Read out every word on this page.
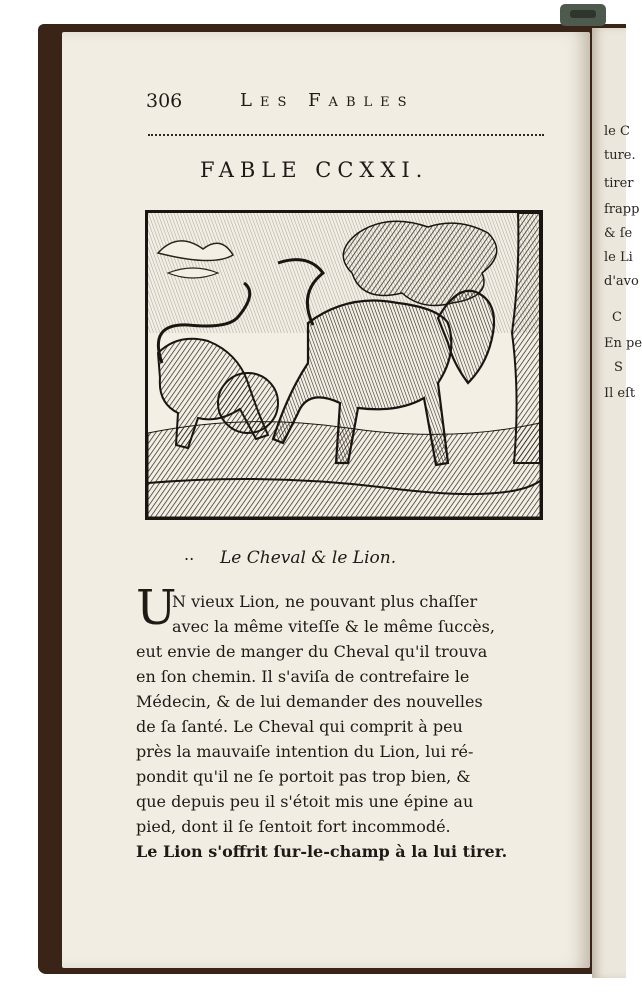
le C
ture.
tirer
frapp
& ſe
le Li
d'avo
C
En pe
S
Il eſt
306	Les Fables
FABLE CCXXI.
.. Le Cheval & le Lion.
U
N vieux Lion, ne pouvant plus chaſſer
avec la même viteſſe & le même ſuccès,
eut envie de manger du Cheval qu'il trouva
en ſon chemin. Il s'aviſa de contrefaire le
Médecin, & de lui demander des nouvelles
de ſa ſanté. Le Cheval qui comprit à peu
près la mauvaiſe intention du Lion, lui ré-
pondit qu'il ne ſe portoit pas trop bien, &
que depuis peu il s'étoit mis une épine au
pied, dont il ſe ſentoit fort incommodé.
Le Lion s'offrit ſur-le-champ à la lui tirer.
